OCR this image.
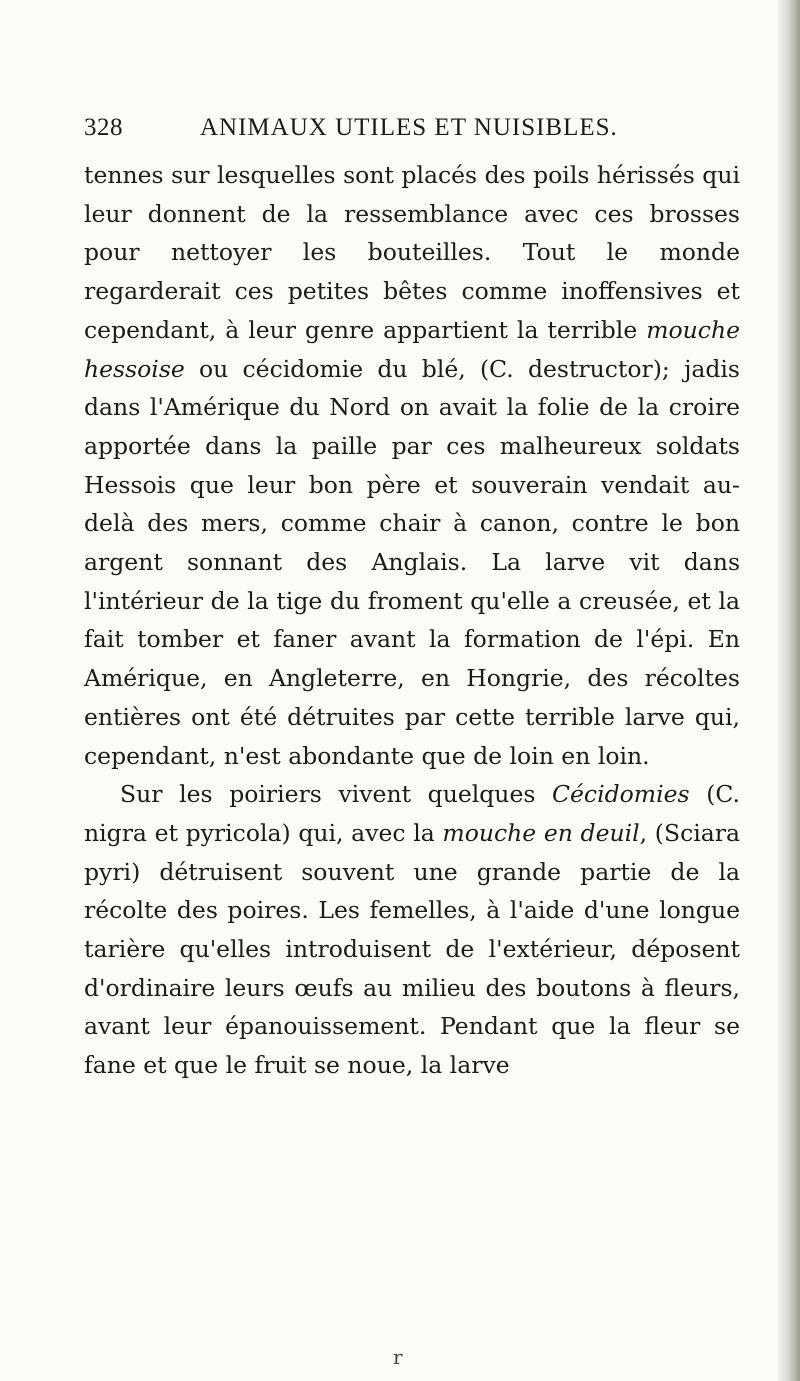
328	ANIMAUX UTILES ET NUISIBLES.

tennes sur lesquelles sont placés des poils hérissés qui leur donnent de la ressemblance avec ces brosses pour nettoyer les bouteilles. Tout le monde regarderait ces petites bêtes comme inoffensives et cependant, à leur genre appartient la terrible mouche hessoise ou cécidomie du blé, (C. destructor); jadis dans l'Amérique du Nord on avait la folie de la croire apportée dans la paille par ces malheureux soldats Hessois que leur bon père et souverain vendait au-delà des mers, comme chair à canon, contre le bon argent sonnant des Anglais. La larve vit dans l'intérieur de la tige du froment qu'elle a creusée, et la fait tomber et faner avant la formation de l'épi. En Amérique, en Angleterre, en Hongrie, des récoltes entières ont été détruites par cette terrible larve qui, cependant, n'est abondante que de loin en loin.

Sur les poiriers vivent quelques Cécidomies (C. nigra et pyricola) qui, avec la mouche en deuil, (Sciara pyri) détruisent souvent une grande partie de la récolte des poires. Les femelles, à l'aide d'une longue tarière qu'elles introduisent de l'extérieur, déposent d'ordinaire leurs œufs au milieu des boutons à fleurs, avant leur épanouissement. Pendant que la fleur se fane et que le fruit se noue, la larve

r
